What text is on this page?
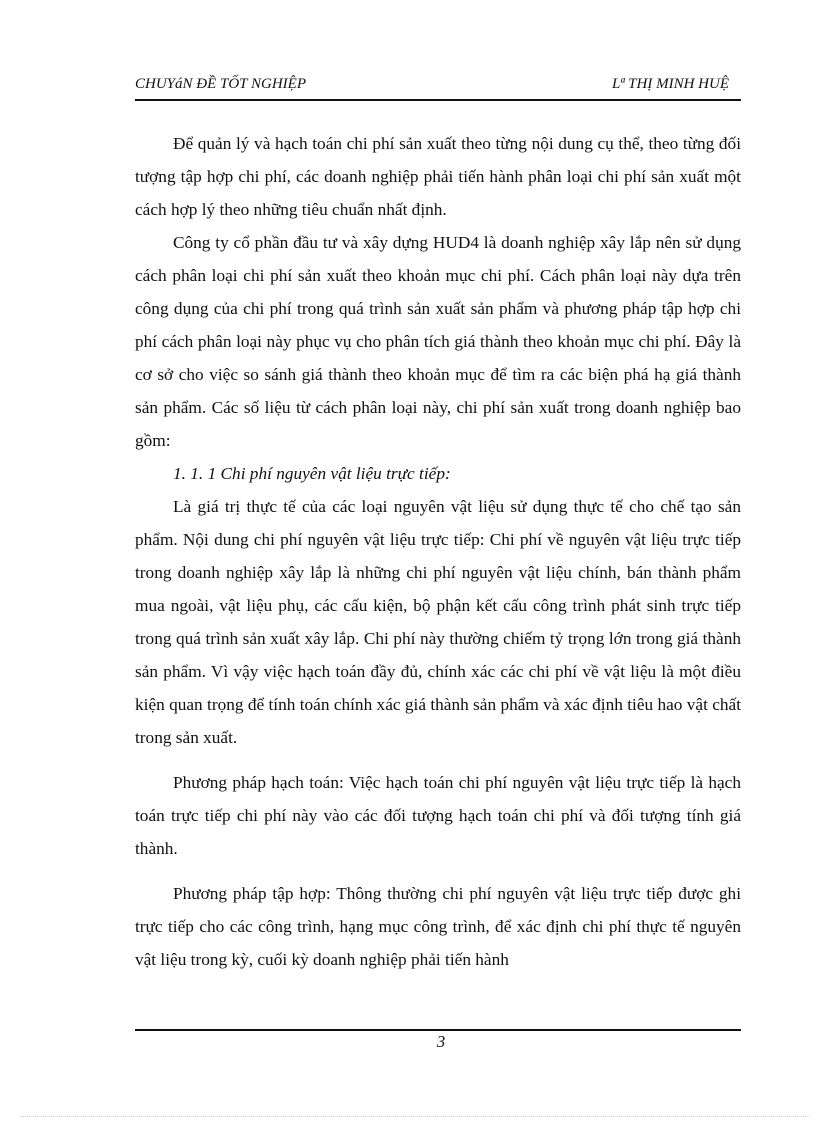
CHUYáN ĐỀ TỐT NGHIỆP	Lª THỊ MINH HUỆ

Để quản lý và hạch toán chi phí sản xuất theo từng nội dung cụ thể, theo từng đối tượng tập hợp chi phí, các doanh nghiệp phải tiến hành phân loại chi phí sản xuất một cách hợp lý theo những tiêu chuẩn nhất định.

Công ty cổ phần đầu tư và xây dựng HUD4 là doanh nghiệp xây lắp nên sử dụng cách phân loại chi phí sản xuất theo khoản mục chi phí. Cách phân loại này dựa trên công dụng của chi phí trong quá trình sản xuất sản phẩm và phương pháp tập hợp chi phí cách phân loại này phục vụ cho phân tích giá thành theo khoản mục chi phí. Đây là cơ sở cho việc so sánh giá thành theo khoản mục để tìm ra các biện phá hạ giá thành sản phẩm. Các số liệu từ cách phân loại này, chi phí sản xuất trong doanh nghiệp bao gồm:

1. 1. 1 Chi phí nguyên vật liệu trực tiếp:

Là giá trị thực tế của các loại nguyên vật liệu sử dụng thực tế cho chế tạo sản phẩm. Nội dung chi phí nguyên vật liệu trực tiếp: Chi phí về nguyên vật liệu trực tiếp trong doanh nghiệp xây lắp là những chi phí nguyên vật liệu chính, bán thành phẩm mua ngoài, vật liệu phụ, các cấu kiện, bộ phận kết cấu công trình phát sinh trực tiếp trong quá trình sản xuất xây lắp. Chi phí này thường chiếm tỷ trọng lớn trong giá thành sản phẩm. Vì vậy việc hạch toán đầy đủ, chính xác các chi phí về vật liệu là một điều kiện quan trọng để tính toán chính xác giá thành sản phẩm và xác định tiêu hao vật chất trong sản xuất.

Phương pháp hạch toán: Việc hạch toán chi phí nguyên vật liệu trực tiếp là hạch toán trực tiếp chi phí này vào các đối tượng hạch toán chi phí và đối tượng tính giá thành.

Phương pháp tập hợp: Thông thường chi phí nguyên vật liệu trực tiếp được ghi trực tiếp cho các công trình, hạng mục công trình, để xác định chi phí thực tế nguyên vật liệu trong kỳ, cuối kỳ doanh nghiệp phải tiến hành

3
